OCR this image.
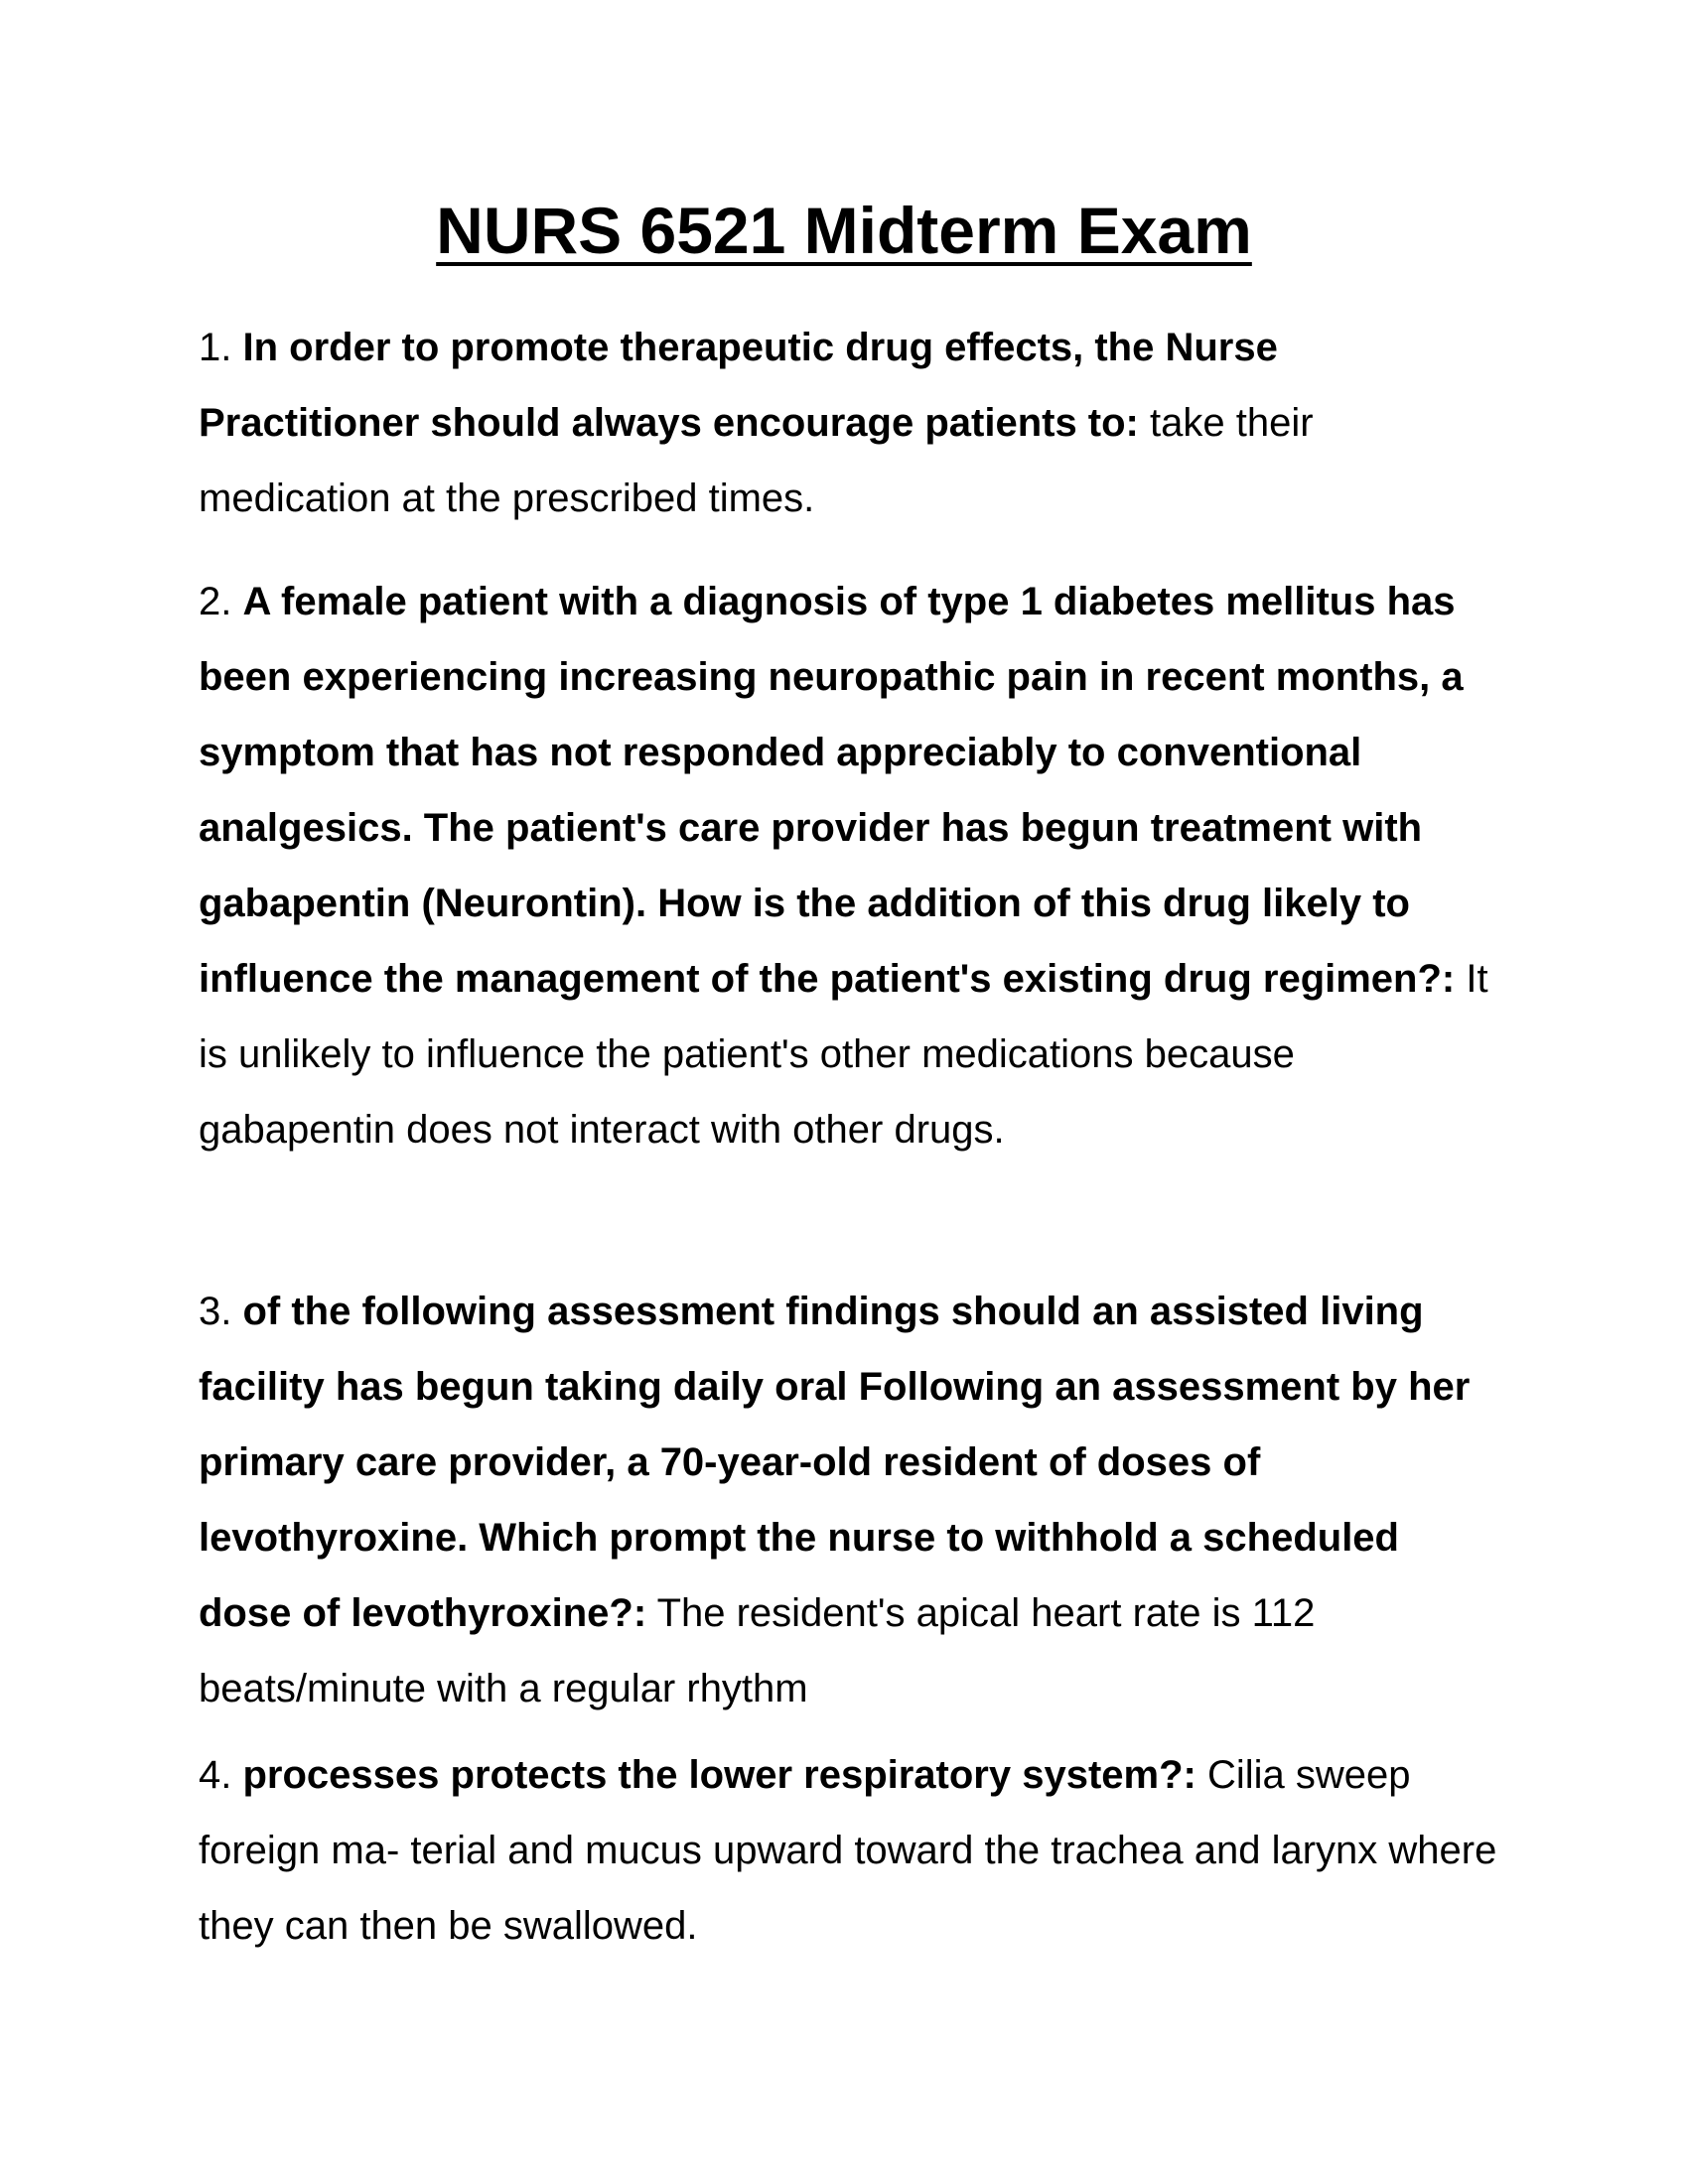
NURS 6521 Midterm Exam

1. In order to promote therapeutic drug effects, the Nurse Practitioner should always encourage patients to: take their medication at the prescribed times.

2. A female patient with a diagnosis of type 1 diabetes mellitus has been experiencing increasing neuropathic pain in recent months, a symptom that has not responded appreciably to conventional analgesics. The patient's care provider has begun treatment with gabapentin (Neurontin). How is the addition of this drug likely to influence the management of the patient's existing drug regimen?: It is unlikely to influence the patient's other medications because gabapentin does not interact with other drugs.

3. of the following assessment findings should an assisted living facility has begun taking daily oral Following an assessment by her primary care provider, a 70-year-old resident of doses of levothyroxine. Which prompt the nurse to withhold a scheduled dose of levothyroxine?: The resident's apical heart rate is 112 beats/minute with a regular rhythm

4. processes protects the lower respiratory system?: Cilia sweep foreign ma- terial and mucus upward toward the trachea and larynx where they can then be swallowed.
